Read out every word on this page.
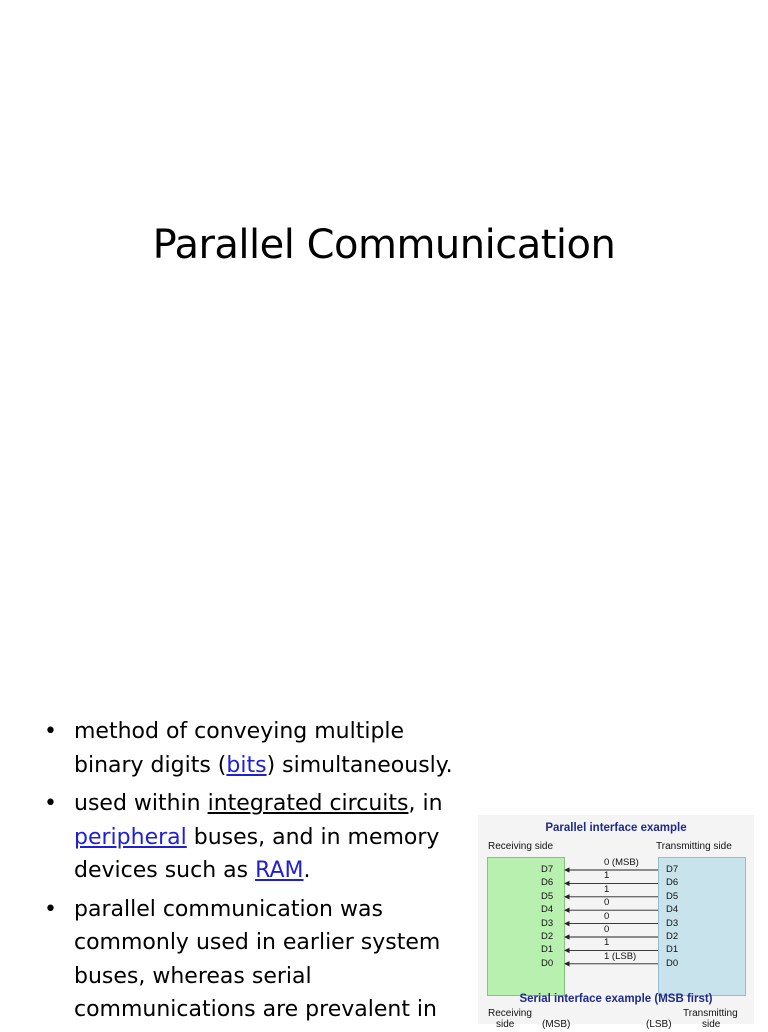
Parallel Communication
• method of conveying multiple binary digits (bits) simultaneously.
• used within integrated circuits, in peripheral buses, and in memory devices such as RAM.
• parallel communication was commonly used in earlier system buses, whereas serial communications are prevalent in
Parallel interface example
Receiving side	Transmitting side
D7
D6
D5
D4
D3
D2
D1
D0
D7
D6
D5
D4
D3
D2
D1
D0
0 (MSB)
1
1
0
0
0
1
1 (LSB)
Serial interface example (MSB first)
Receiving	Transmitting
side	(MSB)	(LSB)	side
